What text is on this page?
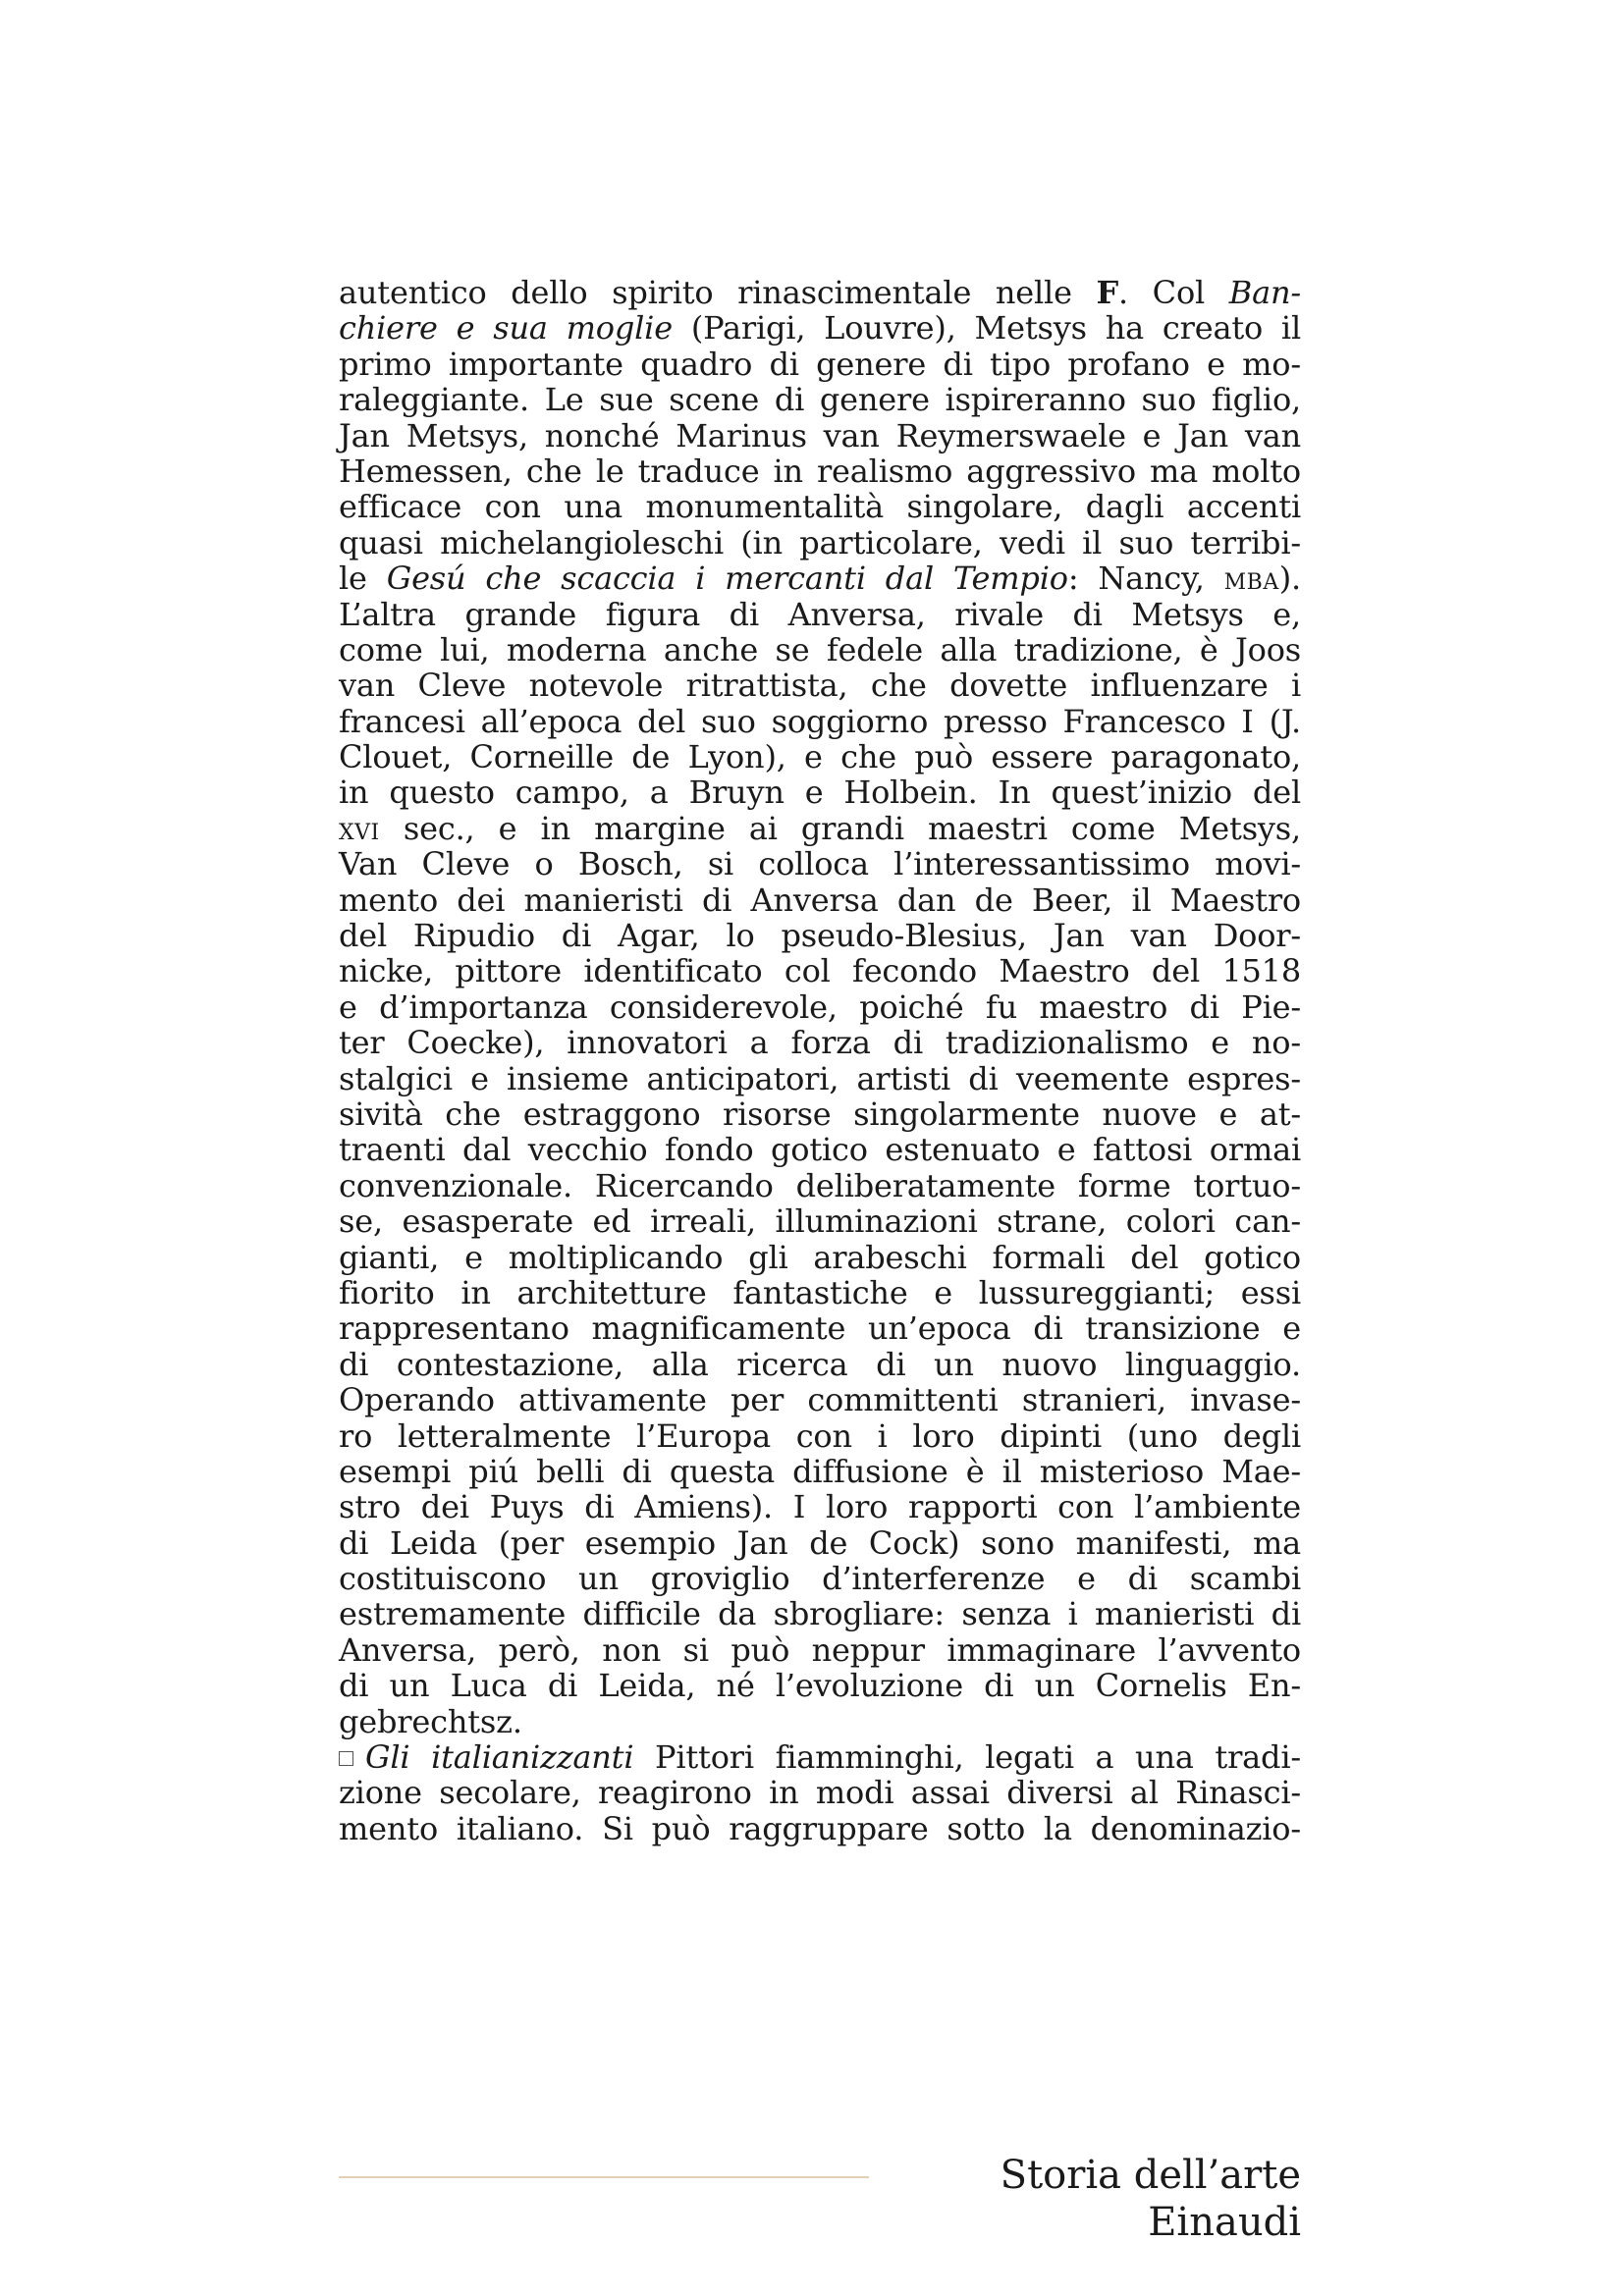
autentico dello spirito rinascimentale nelle F. Col Ban-
chiere e sua moglie (Parigi, Louvre), Metsys ha creato il
primo importante quadro di genere di tipo profano e mo-
raleggiante. Le sue scene di genere ispireranno suo figlio,
Jan Metsys, nonché Marinus van Reymerswaele e Jan van
Hemessen, che le traduce in realismo aggressivo ma molto
efficace con una monumentalità singolare, dagli accenti
quasi michelangioleschi (in particolare, vedi il suo terribi-
le Gesú che scaccia i mercanti dal Tempio: Nancy, mba).
L’altra grande figura di Anversa, rivale di Metsys e,
come lui, moderna anche se fedele alla tradizione, è Joos
van Cleve notevole ritrattista, che dovette influenzare i
francesi all’epoca del suo soggiorno presso Francesco I (J.
Clouet, Corneille de Lyon), e che può essere paragonato,
in questo campo, a Bruyn e Holbein. In quest’inizio del
xvi sec., e in margine ai grandi maestri come Metsys,
Van Cleve o Bosch, si colloca l’interessantissimo movi-
mento dei manieristi di Anversa dan de Beer, il Maestro
del Ripudio di Agar, lo pseudo-Blesius, Jan van Door-
nicke, pittore identificato col fecondo Maestro del 1518
e d’importanza considerevole, poiché fu maestro di Pie-
ter Coecke), innovatori a forza di tradizionalismo e no-
stalgici e insieme anticipatori, artisti di veemente espres-
sività che estraggono risorse singolarmente nuove e at-
traenti dal vecchio fondo gotico estenuato e fattosi ormai
convenzionale. Ricercando deliberatamente forme tortuo-
se, esasperate ed irreali, illuminazioni strane, colori can-
gianti, e moltiplicando gli arabeschi formali del gotico
fiorito in architetture fantastiche e lussureggianti; essi
rappresentano magnificamente un’epoca di transizione e
di contestazione, alla ricerca di un nuovo linguaggio.
Operando attivamente per committenti stranieri, invase-
ro letteralmente l’Europa con i loro dipinti (uno degli
esempi piú belli di questa diffusione è il misterioso Mae-
stro dei Puys di Amiens). I loro rapporti con l’ambiente
di Leida (per esempio Jan de Cock) sono manifesti, ma
costituiscono un groviglio d’interferenze e di scambi
estremamente difficile da sbrogliare: senza i manieristi di
Anversa, però, non si può neppur immaginare l’avvento
di un Luca di Leida, né l’evoluzione di un Cornelis En-
gebrechtsz.
Gli italianizzanti Pittori fiamminghi, legati a una tradi-
zione secolare, reagirono in modi assai diversi al Rinasci-
mento italiano. Si può raggruppare sotto la denominazio-
Storia dell’arte Einaudi
